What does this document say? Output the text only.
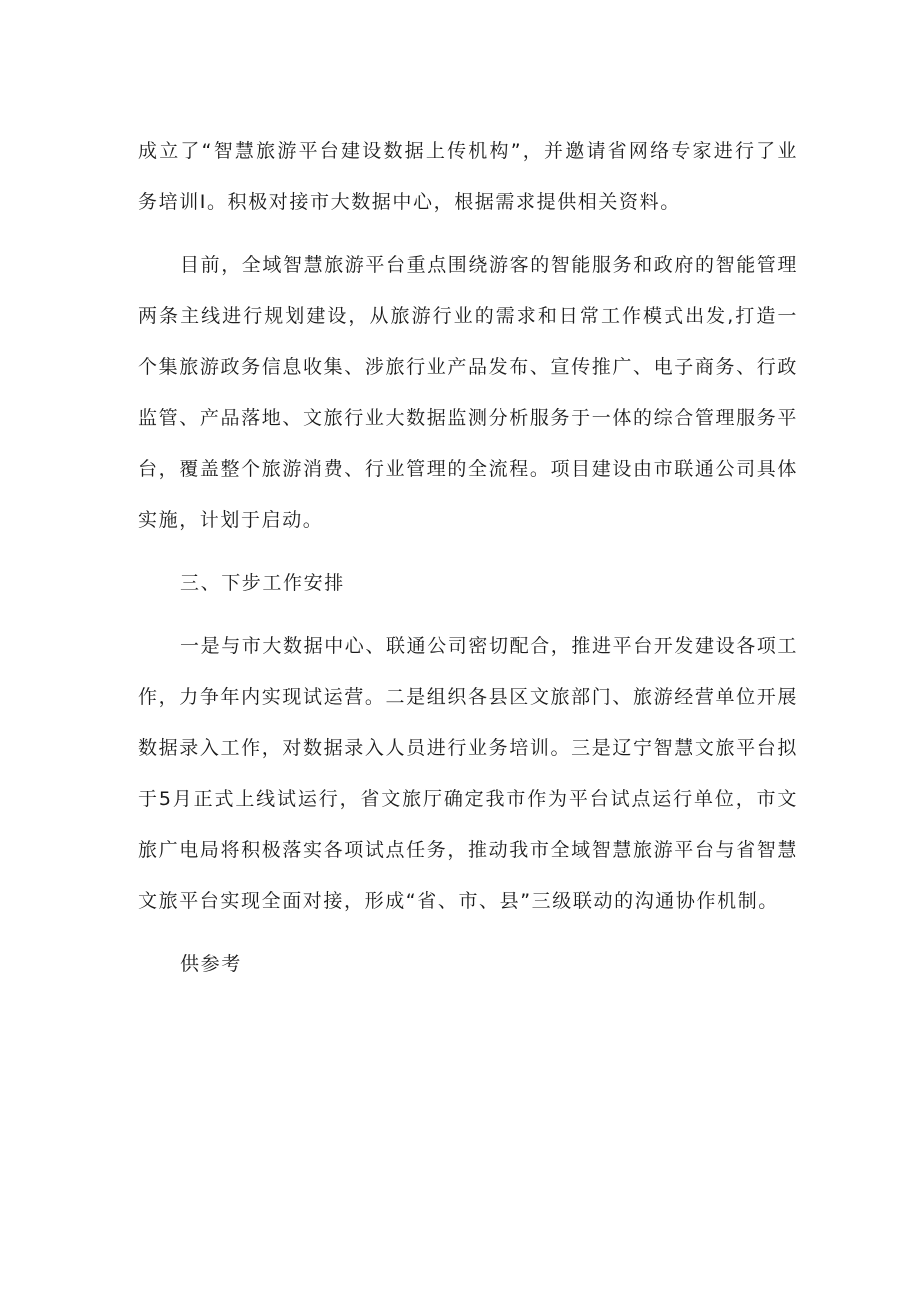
成立了“智慧旅游平台建设数据上传机构”，并邀请省网络专家进行了业务培训I。积极对接市大数据中心，根据需求提供相关资料。

目前，全域智慧旅游平台重点围绕游客的智能服务和政府的智能管理两条主线进行规划建设，从旅游行业的需求和日常工作模式出发,打造一个集旅游政务信息收集、涉旅行业产品发布、宣传推广、电子商务、行政监管、产品落地、文旅行业大数据监测分析服务于一体的综合管理服务平台，覆盖整个旅游消费、行业管理的全流程。项目建设由市联通公司具体实施，计划于启动。

三、下步工作安排

一是与市大数据中心、联通公司密切配合，推进平台开发建设各项工作，力争年内实现试运营。二是组织各县区文旅部门、旅游经营单位开展数据录入工作，对数据录入人员进行业务培训。三是辽宁智慧文旅平台拟于5月正式上线试运行，省文旅厅确定我市作为平台试点运行单位，市文旅广电局将积极落实各项试点任务，推动我市全域智慧旅游平台与省智慧文旅平台实现全面对接，形成“省、市、县”三级联动的沟通协作机制。

供参考
